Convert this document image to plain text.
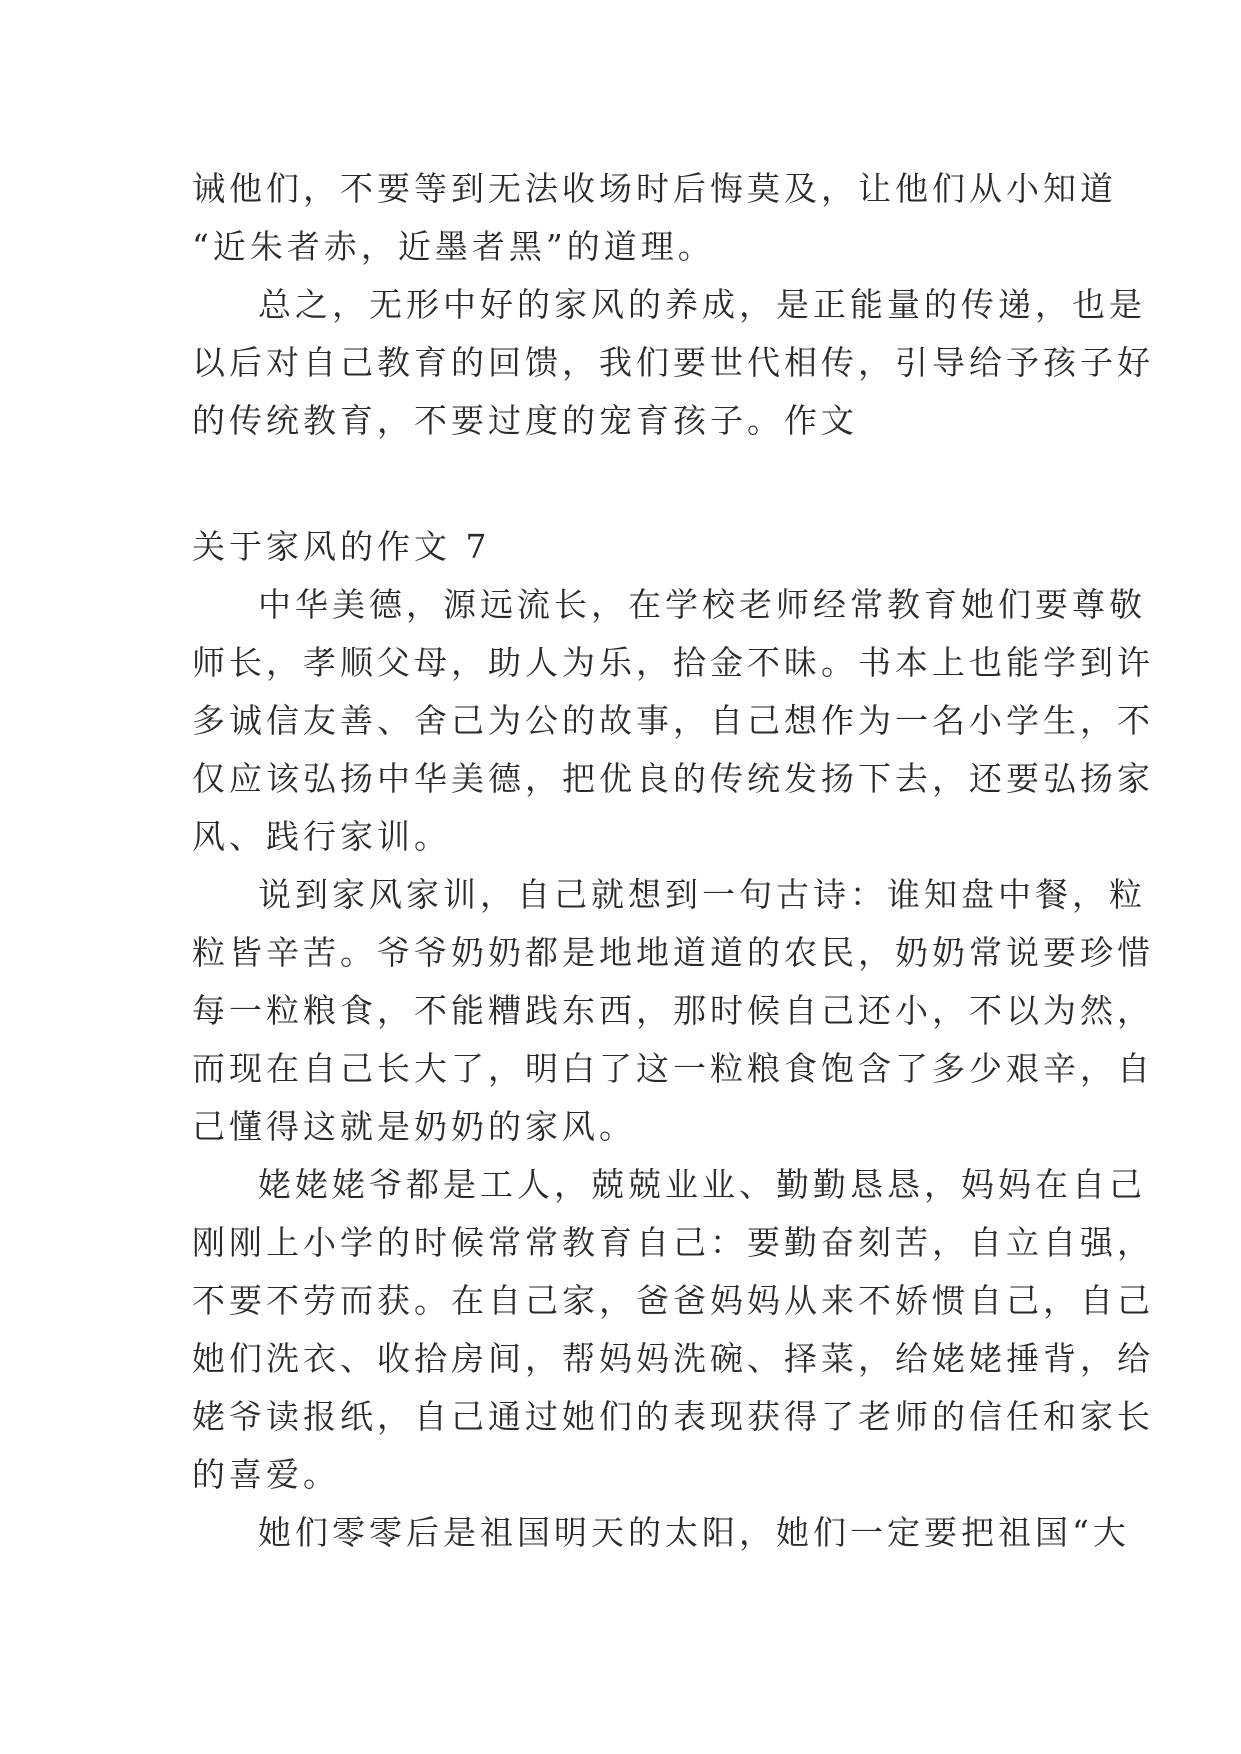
诫他们，不要等到无法收场时后悔莫及，让他们从小知道
“近朱者赤，近墨者黑”的道理。
总之，无形中好的家风的养成，是正能量的传递，也是
以后对自己教育的回馈，我们要世代相传，引导给予孩子好
的传统教育，不要过度的宠育孩子。作文
关于家风的作文 7
中华美德，源远流长，在学校老师经常教育她们要尊敬
师长，孝顺父母，助人为乐，拾金不昧。书本上也能学到许
多诚信友善、舍己为公的故事，自己想作为一名小学生，不
仅应该弘扬中华美德，把优良的传统发扬下去，还要弘扬家
风、践行家训。
说到家风家训，自己就想到一句古诗：谁知盘中餐，粒
粒皆辛苦。爷爷奶奶都是地地道道的农民，奶奶常说要珍惜
每一粒粮食，不能糟践东西，那时候自己还小，不以为然，
而现在自己长大了，明白了这一粒粮食饱含了多少艰辛，自
己懂得这就是奶奶的家风。
姥姥姥爷都是工人，兢兢业业、勤勤恳恳，妈妈在自己
刚刚上小学的时候常常教育自己：要勤奋刻苦，自立自强，
不要不劳而获。在自己家，爸爸妈妈从来不娇惯自己，自己
她们洗衣、收拾房间，帮妈妈洗碗、择菜，给姥姥捶背，给
姥爷读报纸，自己通过她们的表现获得了老师的信任和家长
的喜爱。
她们零零后是祖国明天的太阳，她们一定要把祖国“大
